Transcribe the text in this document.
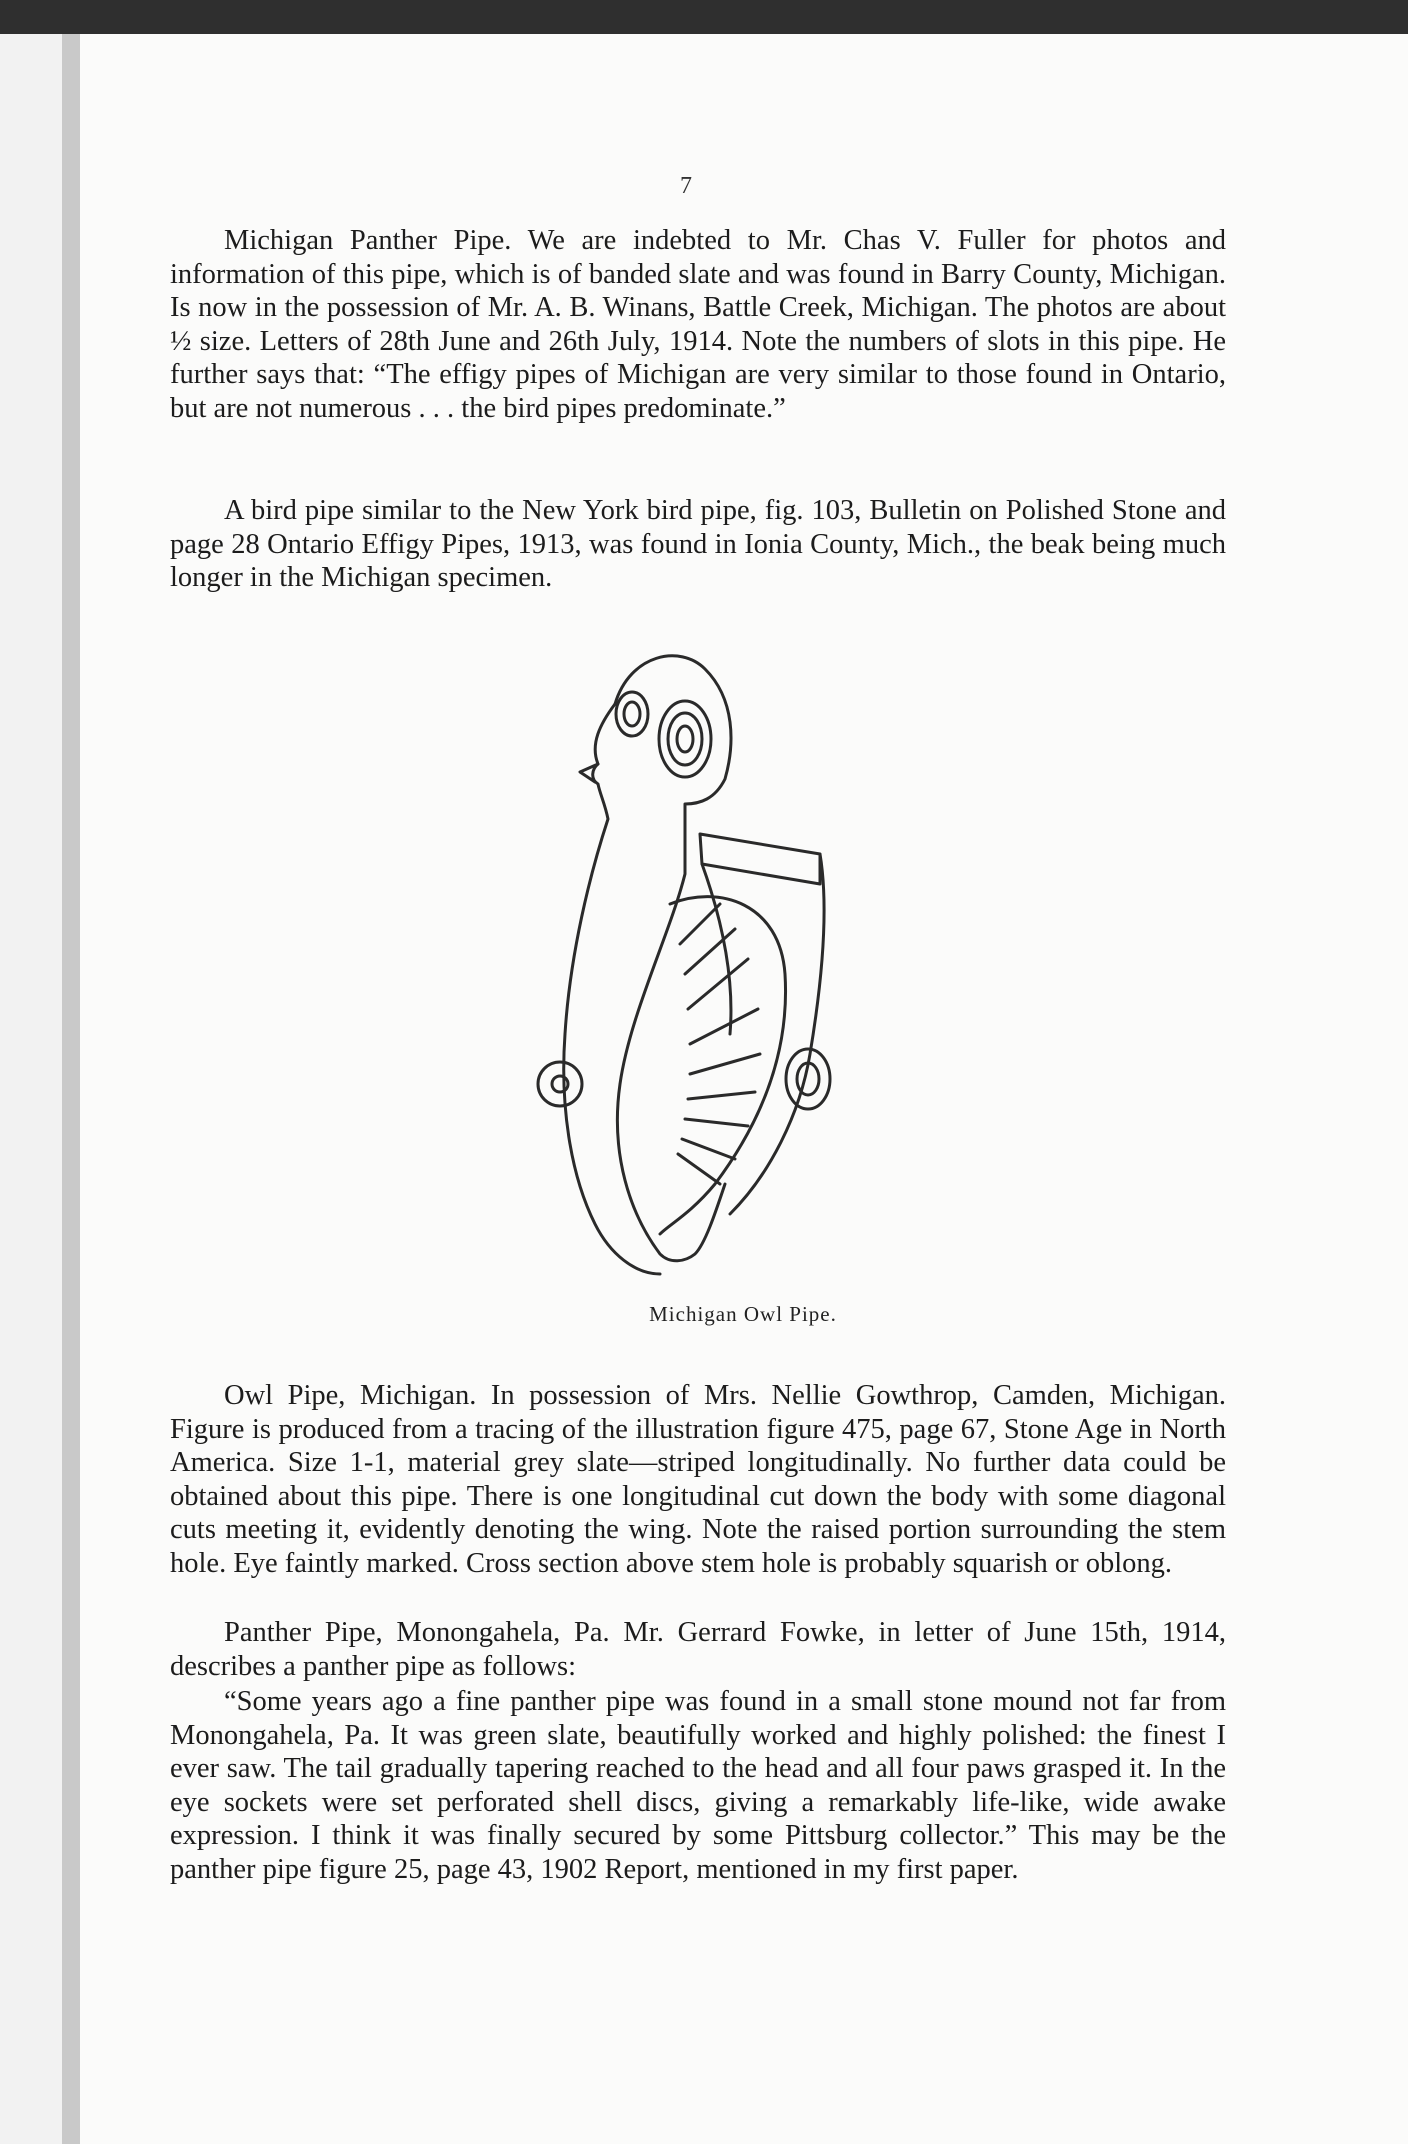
7

Michigan Panther Pipe. We are indebted to Mr. Chas V. Fuller for photos and information of this pipe, which is of banded slate and was found in Barry County, Michigan. Is now in the possession of Mr. A. B. Winans, Battle Creek, Michigan. The photos are about ½ size. Letters of 28th June and 26th July, 1914. Note the numbers of slots in this pipe. He further says that: “The effigy pipes of Michigan are very similar to those found in Ontario, but are not numerous . . . the bird pipes predominate.”

A bird pipe similar to the New York bird pipe, fig. 103, Bulletin on Polished Stone and page 28 Ontario Effigy Pipes, 1913, was found in Ionia County, Mich., the beak being much longer in the Michigan specimen.

Michigan Owl Pipe.

Owl Pipe, Michigan. In possession of Mrs. Nellie Gowthrop, Camden, Michigan. Figure is produced from a tracing of the illustration figure 475, page 67, Stone Age in North America. Size 1-1, material grey slate—striped longitudinally. No further data could be obtained about this pipe. There is one longitudinal cut down the body with some diagonal cuts meeting it, evidently denoting the wing. Note the raised portion surrounding the stem hole. Eye faintly marked. Cross section above stem hole is probably squarish or oblong.

Panther Pipe, Monongahela, Pa. Mr. Gerrard Fowke, in letter of June 15th, 1914, describes a panther pipe as follows:

“Some years ago a fine panther pipe was found in a small stone mound not far from Monongahela, Pa. It was green slate, beautifully worked and highly polished: the finest I ever saw. The tail gradually tapering reached to the head and all four paws grasped it. In the eye sockets were set perforated shell discs, giving a remarkably life-like, wide awake expression. I think it was finally secured by some Pittsburg collector.” This may be the panther pipe figure 25, page 43, 1902 Report, mentioned in my first paper.
